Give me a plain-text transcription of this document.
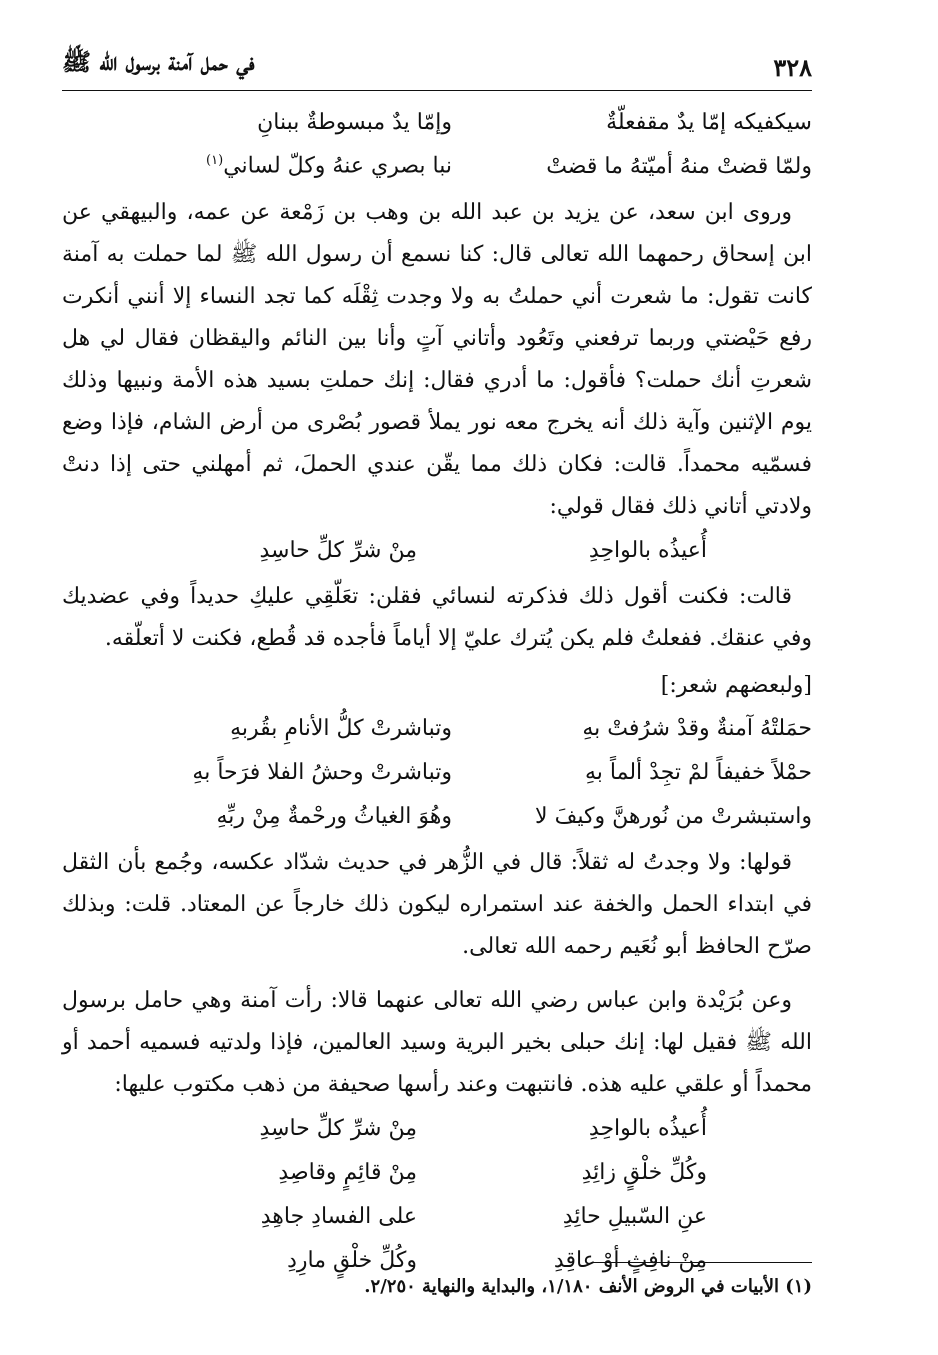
٣٢٨
في حمل آمنة برسول الله ﷺ
سيكفيكه إمّا يدٌ مقفعلّةٌ
وإمّا يدٌ مبسوطةٌ ببنانِ
ولمّا قضتْ منهُ أميّتهُ ما قضتْ
نبا بصري عنهُ وكلّ لساني$^{(١)}$

وروى ابن سعد، عن يزيد بن عبد الله بن وهب بن زَمْعة عن عمه، والبيهقي عن ابن إسحاق رحمهما الله تعالى قال: كنا نسمع أن رسول الله ﷺ لما حملت به آمنة كانت تقول: ما شعرت أني حملتُ به ولا وجدت ثِقْلَه كما تجد النساء إلا أنني أنكرت رفع حَيْضتي وربما ترفعني وتَعُود وأتاني آتٍ وأنا بين النائم واليقظان فقال لي هل شعرتِ أنك حملت؟ فأقول: ما أدري فقال: إنك حملتِ بسيد هذه الأمة ونبيها وذلك يوم الإثنين وآية ذلك أنه يخرج معه نور يملأ قصور بُصْرى من أرض الشام، فإذا وضع فسمّيه محمداً. قالت: فكان ذلك مما يقّن عندي الحملَ، ثم أمهلني حتى إذا دنتْ ولادتي أتاني ذلك فقال قولي:

أُعيذُه بالواحِدِ
مِنْ شرِّ كلِّ حاسِدِ

قالت: فكنت أقول ذلك فذكرته لنسائي فقلن: تعَلّقِي عليكِ حديداً وفي عضديك وفي عنقك. ففعلتُ فلم يكن يُترك عليّ إلا أياماً فأجده قد قُطع، فكنت لا أتعلّقه.

[ولبعضهم شعر:]
حمَلتْهُ آمنةٌ وقدْ شرُفتْ بهِ
وتباشرتْ كلُّ الأنامِ بقُربهِ
حمْلاً خفيفاً لمْ تجِدْ ألماً بهِ
وتباشرتْ وحشُ الفلا فرَحاً بهِ
واستبشرتْ من نُورهنَّ وكيفَ لا
وهُوَ الغياثُ ورحْمةٌ مِنْ ربِّهِ

قولها: ولا وجدتُ له ثقلاً: قال في الزُّهر في حديث شدّاد عكسه، وجُمع بأن الثقل في ابتداء الحمل والخفة عند استمراره ليكون ذلك خارجاً عن المعتاد. قلت: وبذلك صرّح الحافظ أبو نُعَيم رحمه الله تعالى.

وعن بُرَيْدة وابن عباس رضي الله تعالى عنهما قالا: رأت آمنة وهي حامل برسول الله ﷺ فقيل لها: إنك حبلى بخير البرية وسيد العالمين، فإذا ولدتيه فسميه أحمد أو محمداً أو علقي عليه هذه. فانتبهت وعند رأسها صحيفة من ذهب مكتوب عليها:

أُعيذُه بالواحِدِ
مِنْ شرِّ كلِّ حاسِدِ
وكُلِّ خلْقٍ زائِدِ
مِنْ قائِمٍ وقاصِدِ
عنِ السّبيلِ حائِدِ
على الفسادِ جاهِدِ
مِنْ نافِثٍ أوْ عاقِدِ
وكُلِّ خلْقٍ مارِدِ
(١) الأبيات في الروض الأنف ١/١٨٠، والبداية والنهاية ٢/٢٥٠.
